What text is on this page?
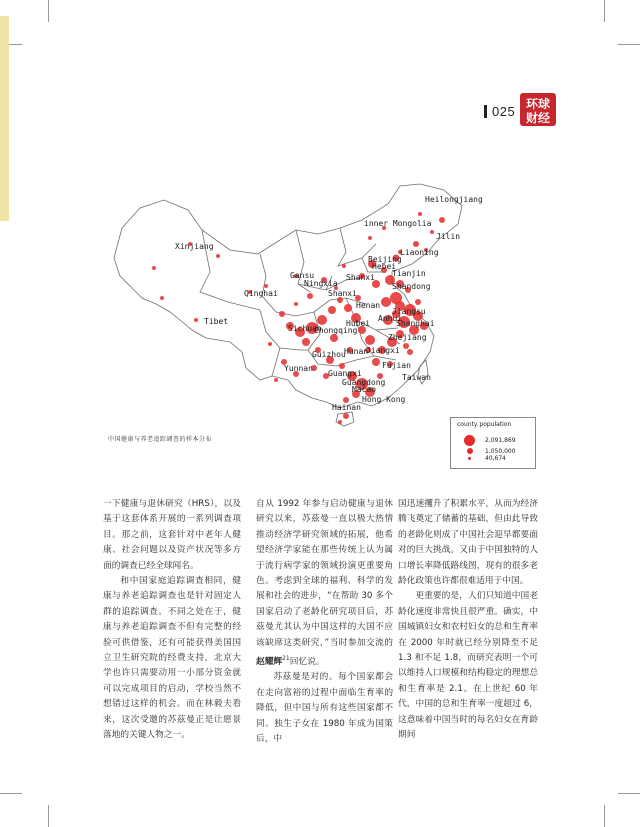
025 环球
财经
Heilongjiang
inner Mongolia
Jilin
Xinjiang
Liaoning
Beijing
Hebei
Tianjin
Gansu
Ningxia
Shanxi
Shandong
Qinghai	Shanxi
Henan
Jiangsu
Anhui
Tibet	Hubei	Shanghai
Sichuan
Chongqing
Zhejiang
Guizhou
Hunan
Jiangxi
Yunnan	Fujian
Guangxi	Taiwan
Guangdong
Macao
Hong Kong
Hainan
中国健康与养老追踪调查的样本分布
county population
2,091,869
1,050,000
40,674

一下健康与退休研究（HRS），以及基于这套体系开展的一系列调查项目。那之前，这套针对中老年人健康、社会问题以及资产状况等多方面的调查已经全球闻名。

和中国家庭追踪调查相同，健康与养老追踪调查也是针对固定人群的追踪调查。不同之处在于，健康与养老追踪调查不但有完整的经验可供借鉴，还有可能获得美国国立卫生研究院的经费支持，北京大学也许只需要动用一小部分资金就可以完成项目的启动，学校当然不想错过这样的机会。而在林毅夫看来，这次受邀的苏茲曼正是让愿景落地的关键人物之一。

自从 1992 年参与启动健康与退休研究以来，苏茲曼一直以极大热情推动经济学研究领域的拓展，他希望经济学家能在那些传统上认为属于流行病学家的领域扮演更重要角色。考虑到全球的福利、科学的发展和社会的进步，“在帮助 30 多个国家启动了老龄化研究项目后，苏茲曼尤其认为中国这样的大国不应该缺席这类研究，”当时参加交流的赵耀辉$^{21}$回忆说。

苏茲曼是对的。每个国家都会在走向富裕的过程中面临生育率的降低，但中国与所有这些国家都不同。独生子女在 1980 年成为国策后，中

国迅速攫升了积累水平，从而为经济腾飞奠定了储蓄的基础，但由此导致的老龄化则成了中国社会迎早都要面对的巨大挑战。又由于中国独特的人口增长率降低路线图，现有的很多老龄化政策也许都很难适用于中国。

更重要的是，人们只知道中国老龄化速度非常快且很严重。确实，中国城镇妇女和农村妇女的总和生育率在 2000 年时就已经分别降至不足 1.3 和不足 1.8，而研究表明一个可以维持人口规模和结构稳定的理想总和生育率是 2.1。在上世纪 60 年代，中国的总和生育率一度超过 6，这意味着中国当时的每名妇女在育龄期间
